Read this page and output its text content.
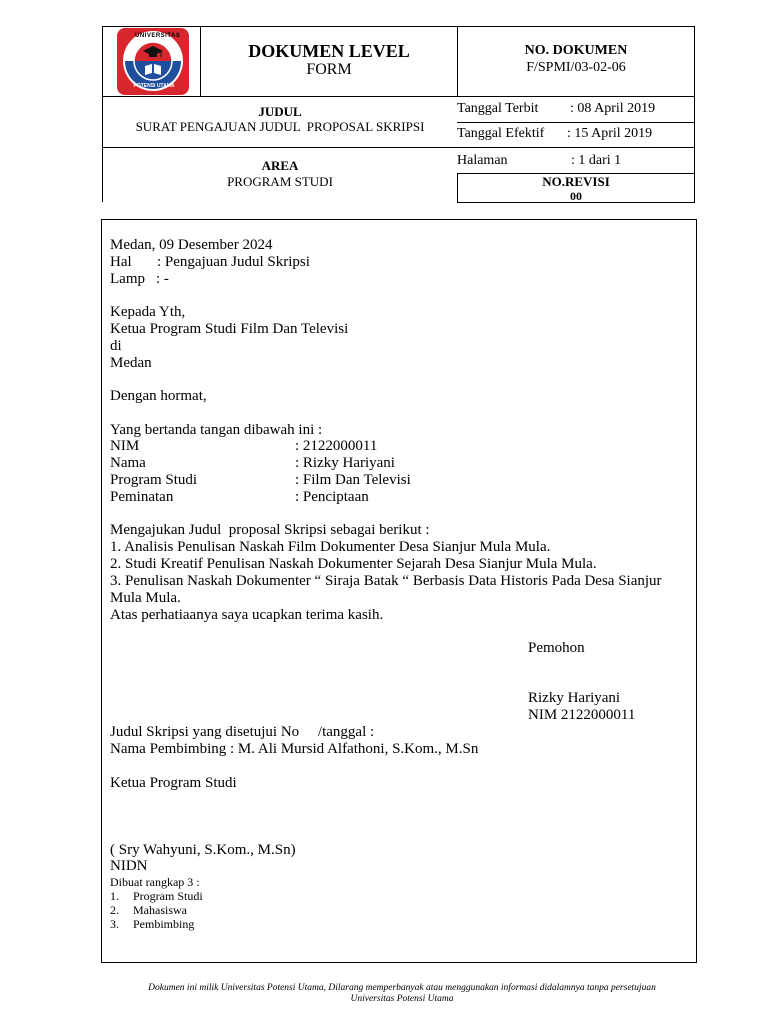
UNIVERSITAS
POTENSI UTAMA
DOKUMEN LEVEL
FORM
NO. DOKUMEN
F/SPMI/03-02-06
JUDUL
SURAT PENGAJUAN JUDUL  PROPOSAL SKRIPSI
AREA
PROGRAM STUDI
Tanggal Terbit : 08 April 2019
Tanggal Efektif : 15 April 2019
Halaman	: 1 dari 1
NO.REVISI
00
Medan, 09 Desember 2024
Hal : Pengajuan Judul Skripsi
Lamp : -
Kepada Yth,
Ketua Program Studi Film Dan Televisi
di
Medan
Dengan hormat,
Yang bertanda tangan dibawah ini :
NIM	: 2122000011
Nama	: Rizky Hariyani
Program Studi	: Film Dan Televisi
Peminatan	: Penciptaan
Mengajukan Judul  proposal Skripsi sebagai berikut :
1. Analisis Penulisan Naskah Film Dokumenter Desa Sianjur Mula Mula.
2. Studi Kreatif Penulisan Naskah Dokumenter Sejarah Desa Sianjur Mula Mula.
3. Penulisan Naskah Dokumenter “ Siraja Batak “ Berbasis Data Historis Pada Desa Sianjur
Mula Mula.
Atas perhatiaanya saya ucapkan terima kasih.
Pemohon
Rizky Hariyani
NIM 2122000011
Judul Skripsi yang disetujui No     /tanggal :
Nama Pembimbing : M. Ali Mursid Alfathoni, S.Kom., M.Sn
Ketua Program Studi
( Sry Wahyuni, S.Kom., M.Sn)
NIDN
Dibuat rangkap 3 :
1. Program Studi
2. Mahasiswa
3. Pembimbing
Dokumen ini milik Universitas Potensi Utama, Dilarang memperbanyak atau menggunakan informasi didalamnya tanpa persetujuan
Universitas Potensi Utama
